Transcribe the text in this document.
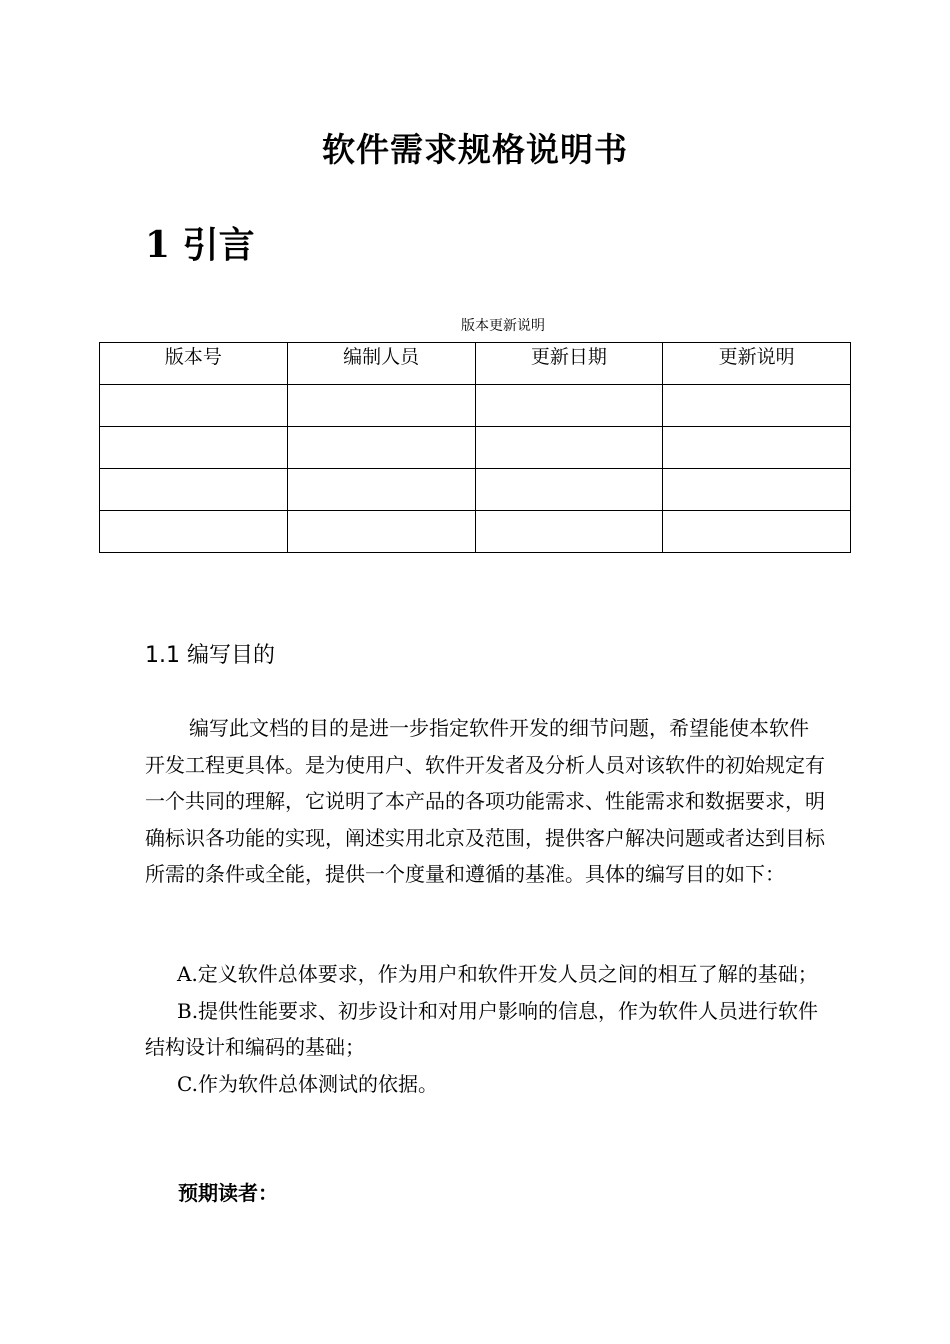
软件需求规格说明书
1 引言
版本更新说明
版本号	编制人员	更新日期	更新说明

1.1 编写目的

编写此文档的目的是进一步指定软件开发的细节问题，希望能使本软件开发工程更具体。是为使用户、软件开发者及分析人员对该软件的初始规定有一个共同的理解，它说明了本产品的各项功能需求、性能需求和数据要求，明确标识各功能的实现，阐述实用北京及范围，提供客户解决问题或者达到目标所需的条件或全能，提供一个度量和遵循的基准。具体的编写目的如下：

A.定义软件总体要求，作为用户和软件开发人员之间的相互了解的基础；

B.提供性能要求、初步设计和对用户影响的信息，作为软件人员进行软件结构设计和编码的基础；

C.作为软件总体测试的依据。

预期读者：
